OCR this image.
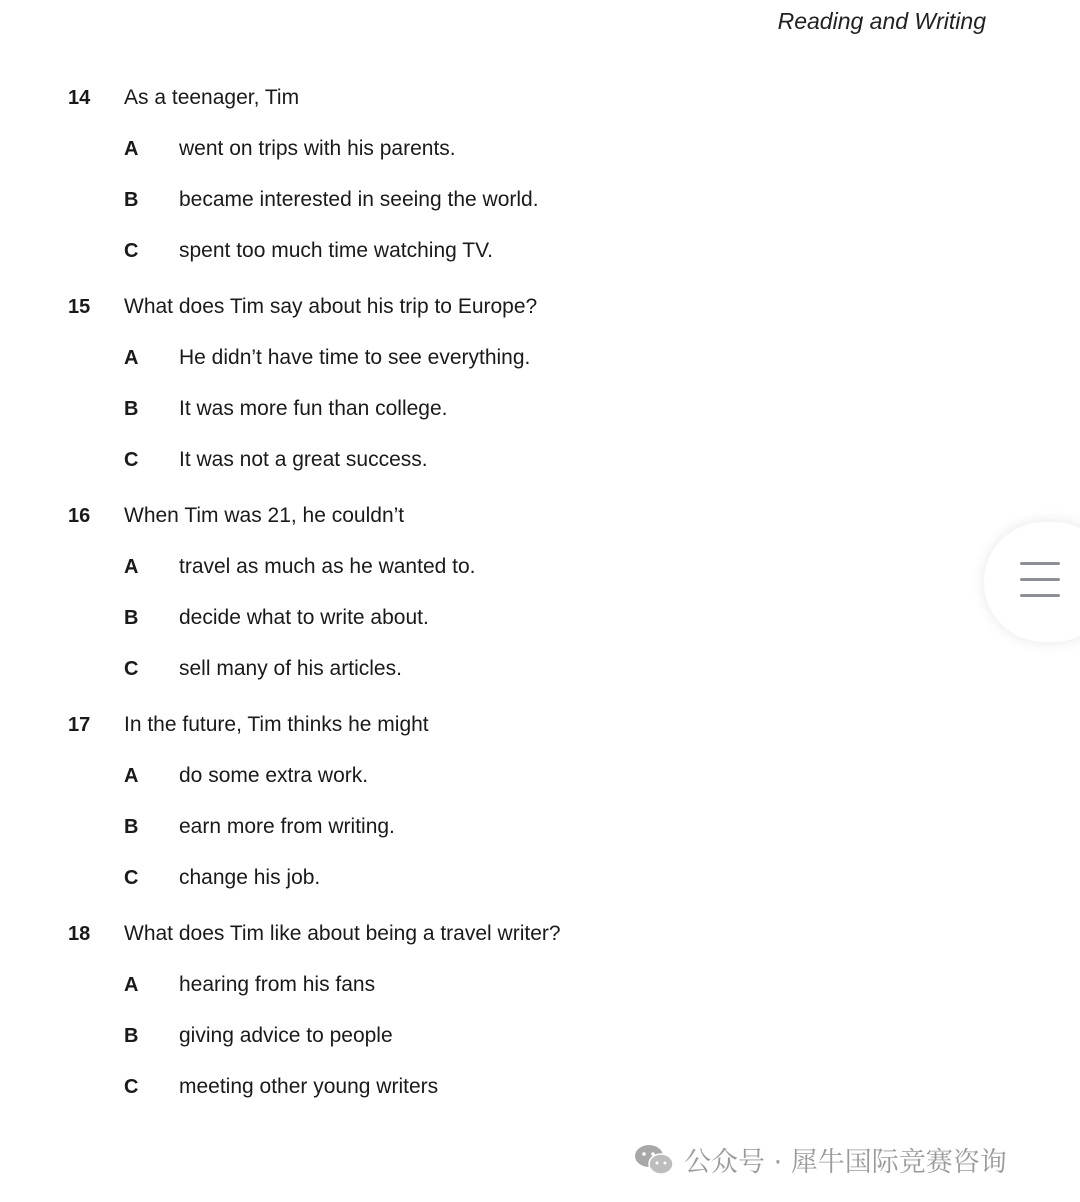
Reading and Writing
14	As a teenager, Tim
A	went on trips with his parents.
B	became interested in seeing the world.
C	spent too much time watching TV.
15	What does Tim say about his trip to Europe?
A	He didn’t have time to see everything.
B	It was more fun than college.
C	It was not a great success.
16	When Tim was 21, he couldn’t
A	travel as much as he wanted to.
B	decide what to write about.
C	sell many of his articles.
17	In the future, Tim thinks he might
A	do some extra work.
B	earn more from writing.
C	change his job.
18	What does Tim like about being a travel writer?
A	hearing from his fans
B	giving advice to people
C	meeting other young writers
公众号 · 犀牛国际竞赛咨询
